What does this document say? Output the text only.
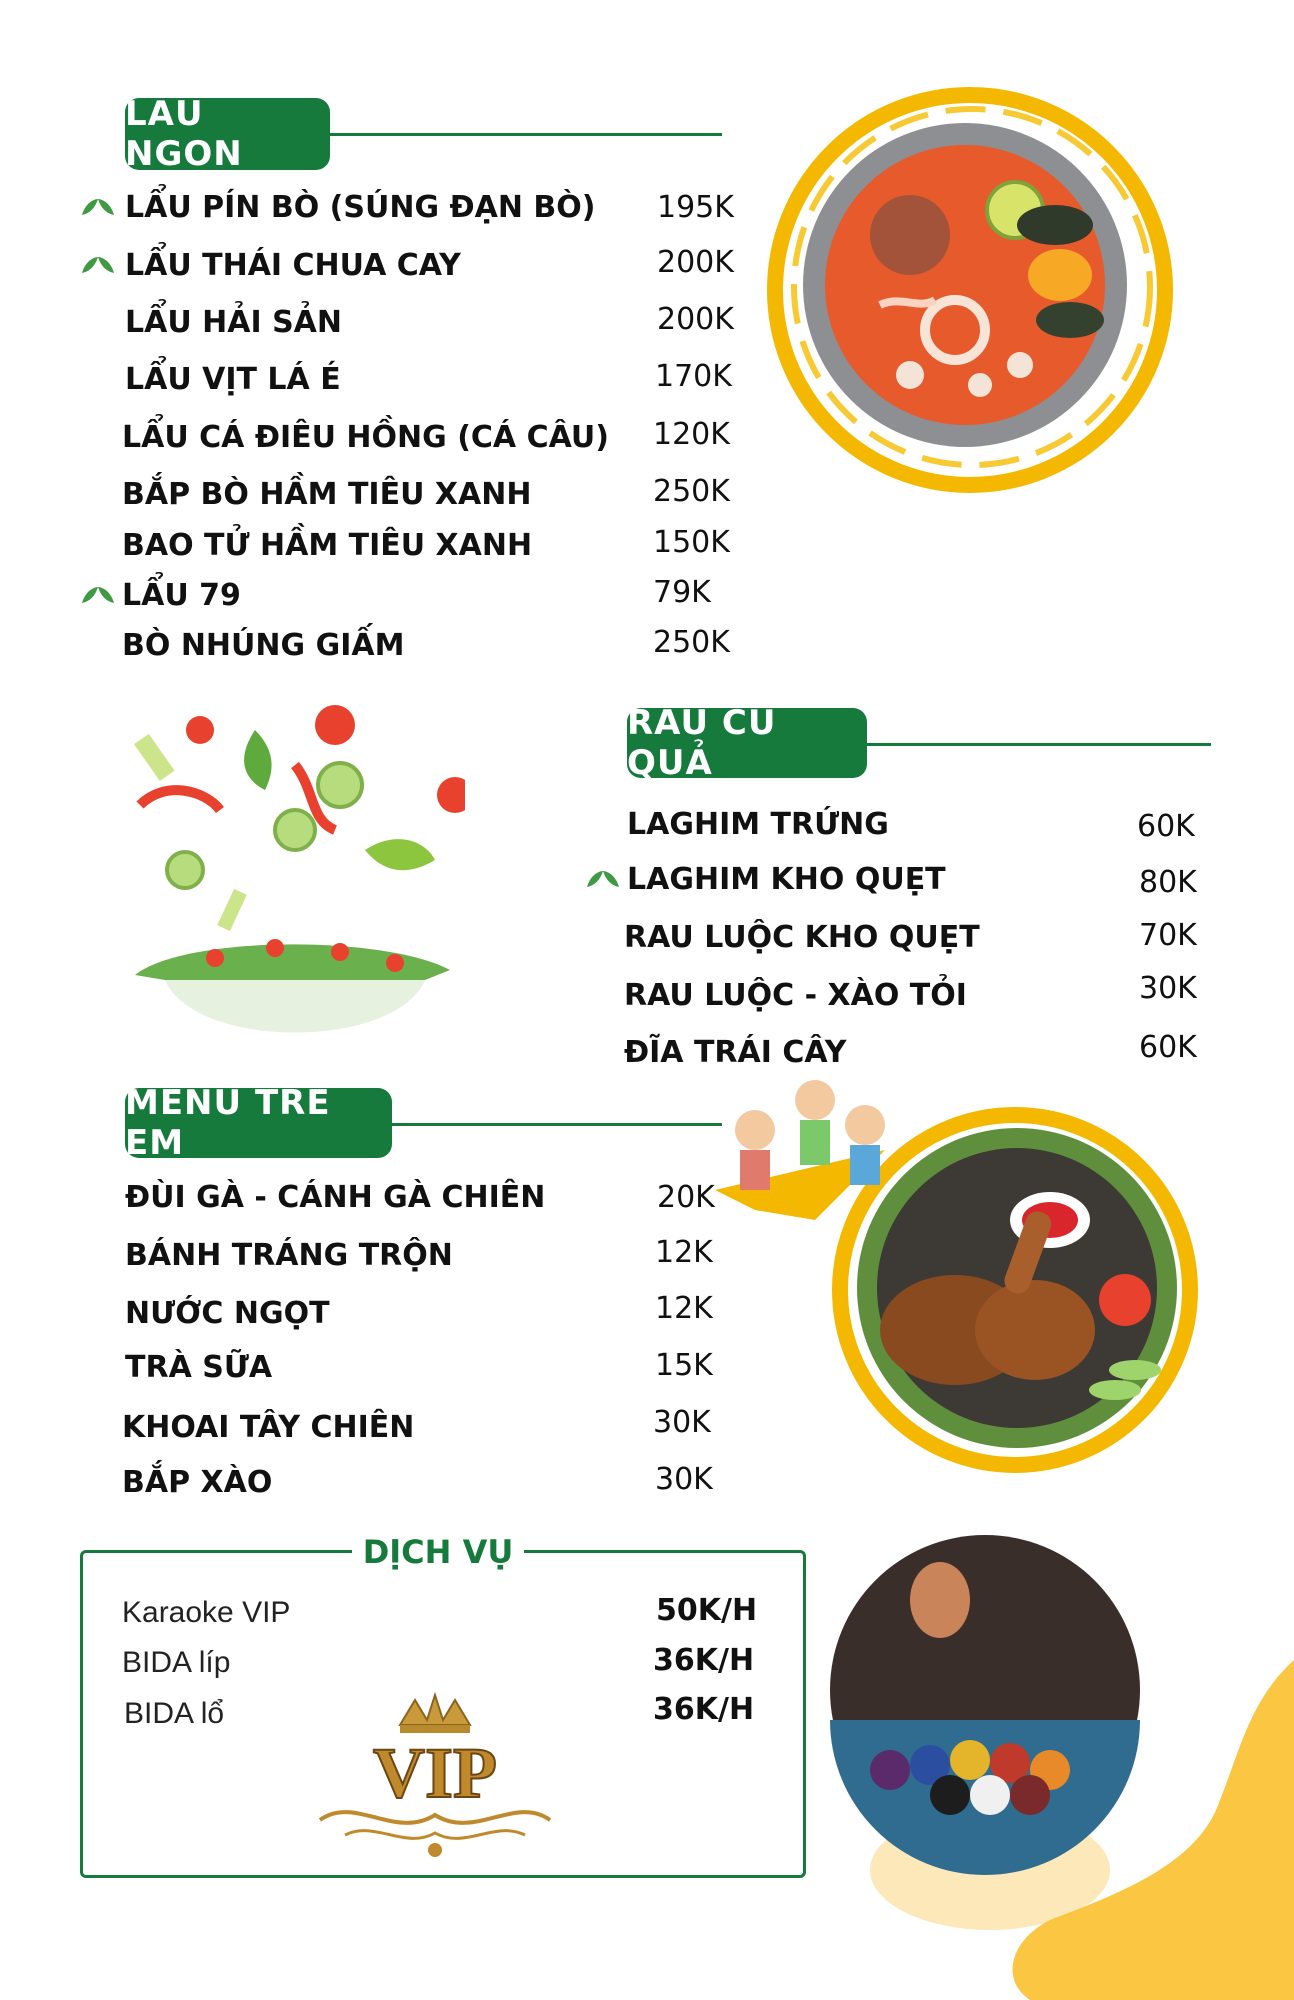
LẨU NGON
LẨU PÍN BÒ (SÚNG ĐẠN BÒ) 195K
LẨU THÁI CHUA CAY	200K
LẨU HẢI SẢN	200K
LẨU VỊT LÁ É	170K
LẨU CÁ ĐIÊU HỒNG (CÁ CÂU) 120K
BẮP BÒ HẦM TIÊU XANH	250K
BAO TỬ HẦM TIÊU XANH	150K
LẨU 79	79K
BÒ NHÚNG GIẤM	250K
RAU CỦ QUẢ
LAGHIM TRỨNG	60K
LAGHIM KHO QUẸT	80K
RAU LUỘC KHO QUẸT	70K
RAU LUỘC - XÀO TỎI	30K
ĐĨA TRÁI CÂY	60K
MENU TRẺ EM
ĐÙI GÀ - CÁNH GÀ CHIÊN	20K
BÁNH TRÁNG TRỘN	12K
NƯỚC NGỌT	12K
TRÀ SỮA	15K
KHOAI TÂY CHIÊN	30K
BẮP XÀO	30K
DỊCH VỤ
Karaoke VIP	50K/H
BIDA líp	36K/H
BIDA lổ	36K/H
VIP
